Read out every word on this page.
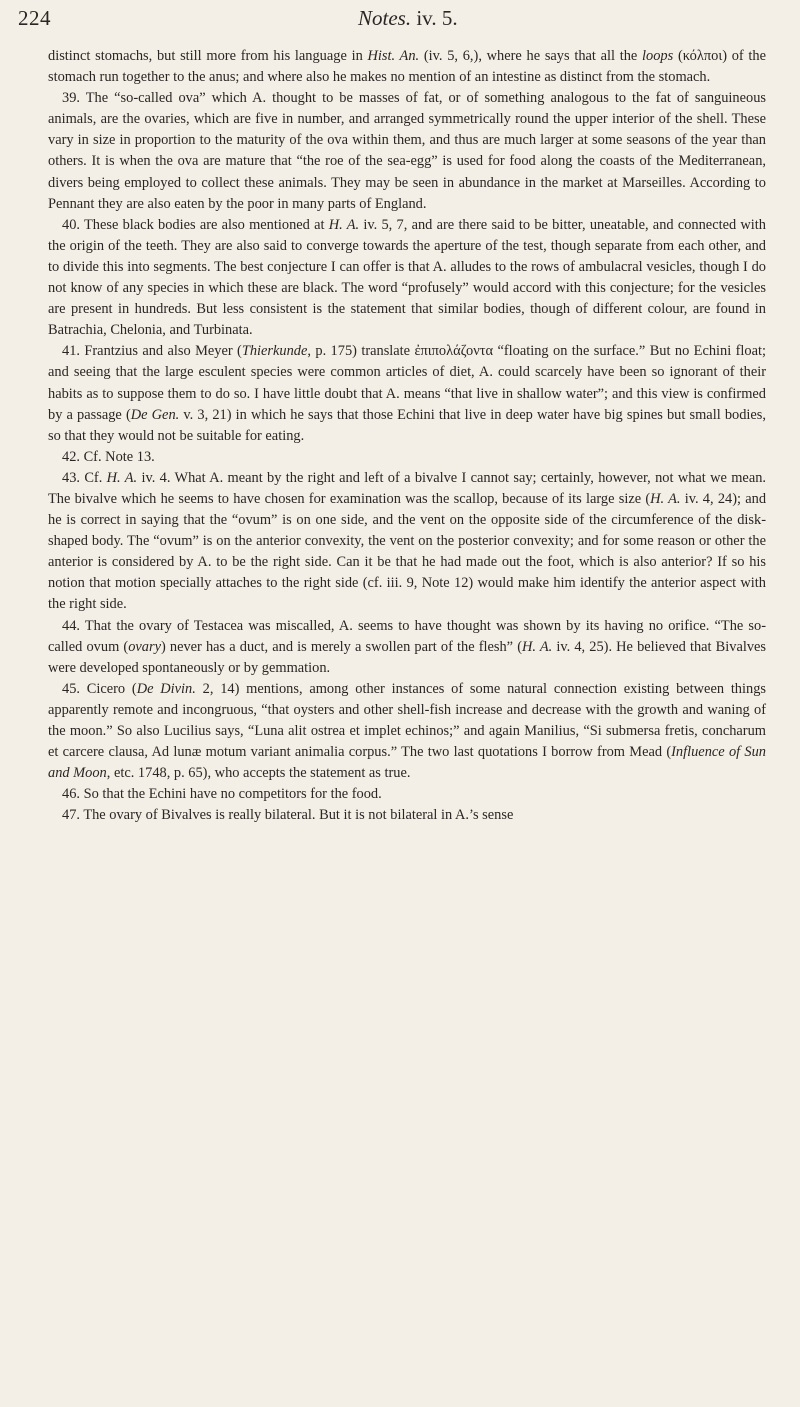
224	Notes. iv. 5.

distinct stomachs, but still more from his language in Hist. An. (iv. 5, 6,), where he says that all the loops (κόλποι) of the stomach run together to the anus; and where also he makes no mention of an intestine as distinct from the stomach.

39. The “so-called ova” which A. thought to be masses of fat, or of something analogous to the fat of sanguineous animals, are the ovaries, which are five in number, and arranged symmetrically round the upper interior of the shell. These vary in size in proportion to the maturity of the ova within them, and thus are much larger at some seasons of the year than others. It is when the ova are mature that “the roe of the sea-egg” is used for food along the coasts of the Mediterranean, divers being employed to collect these animals. They may be seen in abundance in the market at Marseilles. According to Pennant they are also eaten by the poor in many parts of England.

40. These black bodies are also mentioned at H. A. iv. 5, 7, and are there said to be bitter, uneatable, and connected with the origin of the teeth. They are also said to converge towards the aperture of the test, though separate from each other, and to divide this into segments. The best conjecture I can offer is that A. alludes to the rows of ambulacral vesicles, though I do not know of any species in which these are black. The word “profusely” would accord with this conjecture; for the vesicles are present in hundreds. But less consistent is the statement that similar bodies, though of different colour, are found in Batrachia, Chelonia, and Turbinata.

41. Frantzius and also Meyer (Thierkunde, p. 175) translate ἐπιπολάζοντα “floating on the surface.” But no Echini float; and seeing that the large esculent species were common articles of diet, A. could scarcely have been so ignorant of their habits as to suppose them to do so. I have little doubt that A. means “that live in shallow water”; and this view is confirmed by a passage (De Gen. v. 3, 21) in which he says that those Echini that live in deep water have big spines but small bodies, so that they would not be suitable for eating.

42. Cf. Note 13.

43. Cf. H. A. iv. 4. What A. meant by the right and left of a bivalve I cannot say; certainly, however, not what we mean. The bivalve which he seems to have chosen for examination was the scallop, because of its large size (H. A. iv. 4, 24); and he is correct in saying that the “ovum” is on one side, and the vent on the opposite side of the circumference of the disk-shaped body. The “ovum” is on the anterior convexity, the vent on the posterior convexity; and for some reason or other the anterior is considered by A. to be the right side. Can it be that he had made out the foot, which is also anterior? If so his notion that motion specially attaches to the right side (cf. iii. 9, Note 12) would make him identify the anterior aspect with the right side.

44. That the ovary of Testacea was miscalled, A. seems to have thought was shown by its having no orifice. “The so-called ovum (ovary) never has a duct, and is merely a swollen part of the flesh” (H. A. iv. 4, 25). He believed that Bivalves were developed spontaneously or by gemmation.

45. Cicero (De Divin. 2, 14) mentions, among other instances of some natural connection existing between things apparently remote and incongruous, “that oysters and other shell-fish increase and decrease with the growth and waning of the moon.” So also Lucilius says, “Luna alit ostrea et implet echinos;” and again Manilius, “Si submersa fretis, concharum et carcere clausa, Ad lunæ motum variant animalia corpus.” The two last quotations I borrow from Mead (Influence of Sun and Moon, etc. 1748, p. 65), who accepts the statement as true.

46. So that the Echini have no competitors for the food.

47. The ovary of Bivalves is really bilateral. But it is not bilateral in A.’s sense
